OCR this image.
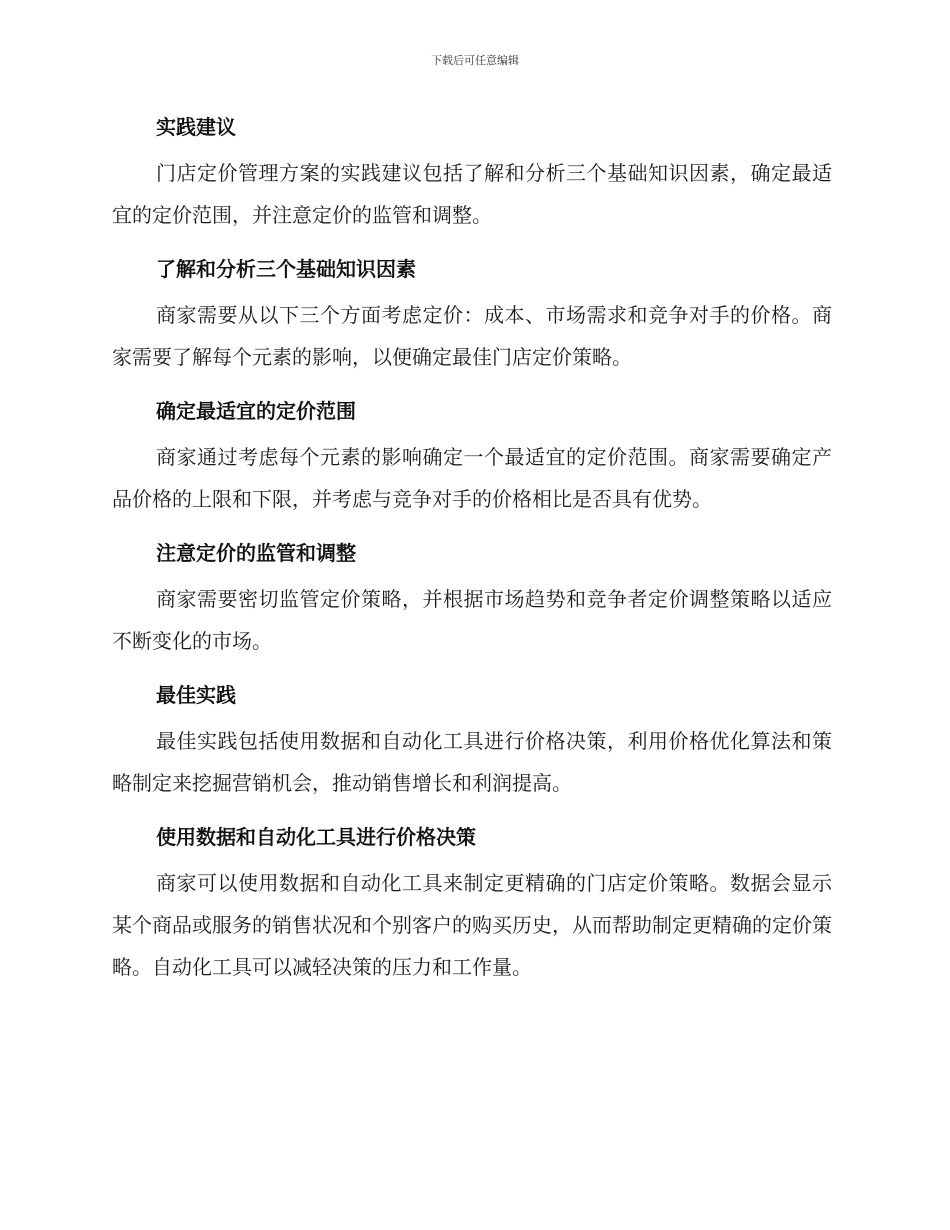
下载后可任意编辑
实践建议

门店定价管理方案的实践建议包括了解和分析三个基础知识因素，确定最适宜的定价范围，并注意定价的监管和调整。

了解和分析三个基础知识因素

商家需要从以下三个方面考虑定价：成本、市场需求和竞争对手的价格。商家需要了解每个元素的影响，以便确定最佳门店定价策略。

确定最适宜的定价范围

商家通过考虑每个元素的影响确定一个最适宜的定价范围。商家需要确定产品价格的上限和下限，并考虑与竞争对手的价格相比是否具有优势。

注意定价的监管和调整

商家需要密切监管定价策略，并根据市场趋势和竞争者定价调整策略以适应不断变化的市场。

最佳实践

最佳实践包括使用数据和自动化工具进行价格决策，利用价格优化算法和策略制定来挖掘营销机会，推动销售增长和利润提高。

使用数据和自动化工具进行价格决策

商家可以使用数据和自动化工具来制定更精确的门店定价策略。数据会显示某个商品或服务的销售状况和个别客户的购买历史，从而帮助制定更精确的定价策略。自动化工具可以减轻决策的压力和工作量。
